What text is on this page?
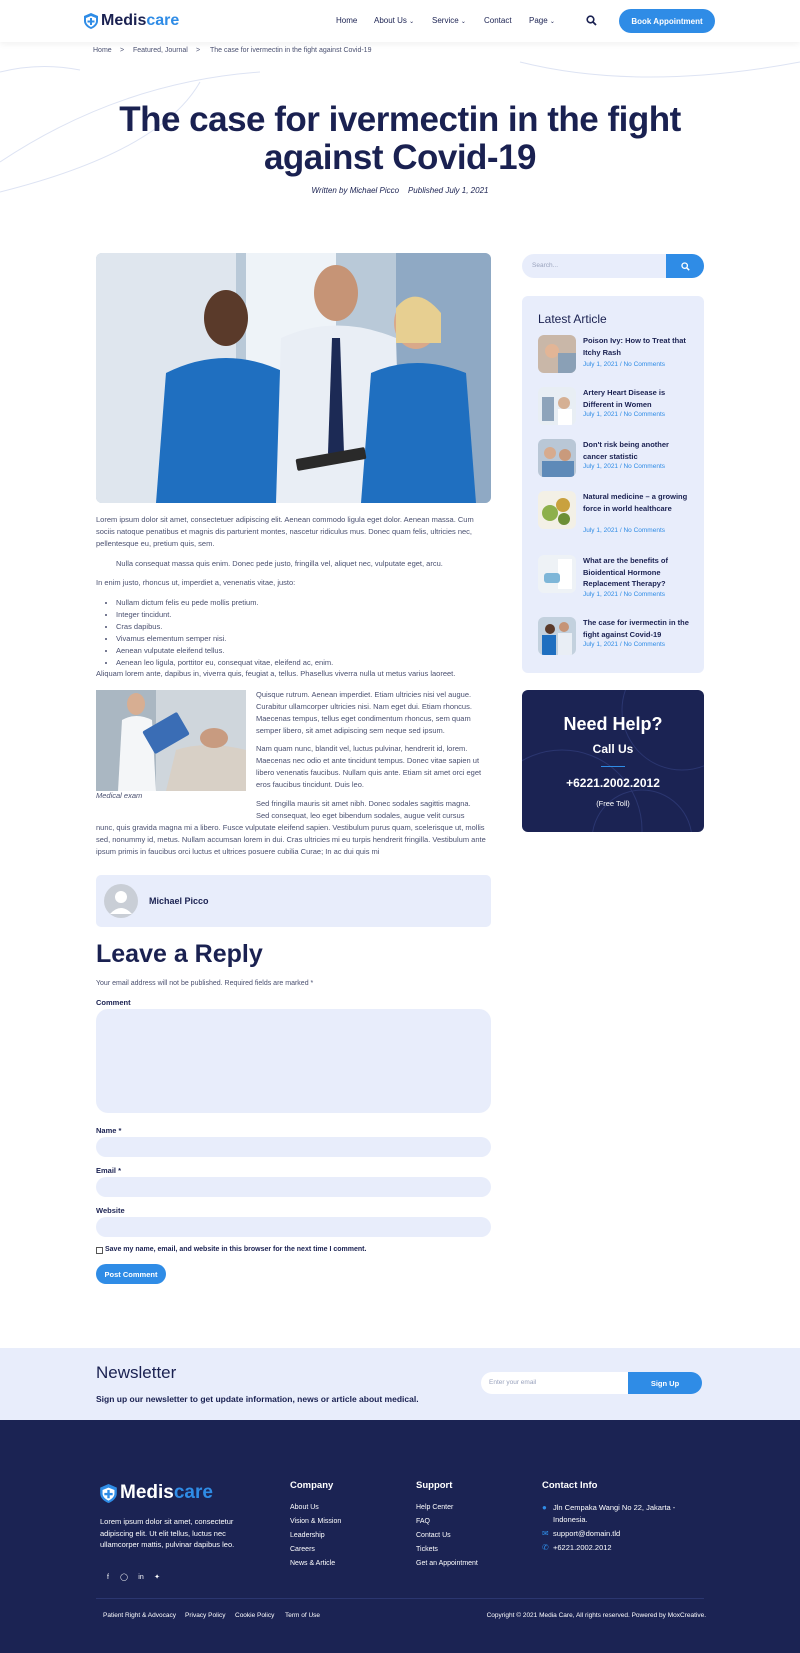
Medis care	Home About Us ⌄ Service ⌄ Contact Page ⌄	Book Appointment
Home > Featured, Journal > The case for ivermectin in the fight against Covid-19
The case for ivermectin in the fight against Covid-19
Written by Michael Picco    Published July 1, 2021

Lorem ipsum dolor sit amet, consectetuer adipiscing elit. Aenean commodo ligula eget dolor. Aenean massa. Cum sociis natoque penatibus et magnis dis parturient montes, nascetur ridiculus mus. Donec quam felis, ultricies nec, pellentesque eu, pretium quis, sem.

Nulla consequat massa quis enim. Donec pede justo, fringilla vel, aliquet nec, vulputate eget, arcu.

In enim justo, rhoncus ut, imperdiet a, venenatis vitae, justo:

• Nullam dictum felis eu pede mollis pretium.
• Integer tincidunt.
• Cras dapibus.
• Vivamus elementum semper nisi.
• Aenean vulputate eleifend tellus.
• Aenean leo ligula, porttitor eu, consequat vitae, eleifend ac, enim.

Aliquam lorem ante, dapibus in, viverra quis, feugiat a, tellus. Phasellus viverra nulla ut metus varius laoreet.

Medical exam

Quisque rutrum. Aenean imperdiet. Etiam ultricies nisi vel augue. Curabitur ullamcorper ultricies nisi. Nam eget dui. Etiam rhoncus. Maecenas tempus, tellus eget condimentum rhoncus, sem quam semper libero, sit amet adipiscing sem neque sed ipsum.

Nam quam nunc, blandit vel, luctus pulvinar, hendrerit id, lorem. Maecenas nec odio et ante tincidunt tempus. Donec vitae sapien ut libero venenatis faucibus. Nullam quis ante. Etiam sit amet orci eget eros faucibus tincidunt. Duis leo.

Sed fringilla mauris sit amet nibh. Donec sodales sagittis magna.

Sed consequat, leo eget bibendum sodales, augue velit cursus

nunc, quis gravida magna mi a libero. Fusce vulputate eleifend sapien. Vestibulum purus quam, scelerisque ut, mollis sed, nonummy id, metus. Nullam accumsan lorem in dui. Cras ultricies mi eu turpis hendrerit fringilla. Vestibulum ante ipsum primis in faucibus orci luctus et ultrices posuere cubilia Curae; In ac dui quis mi

Michael Picco
Leave a Reply

Your email address will not be published. Required fields are marked *

Comment
Name *
Email *
Website
Save my name, email, and website in this browser for the next time I comment.
Post Comment
Search...
Latest Article
Poison Ivy: How to Treat that Itchy Rash
July 1, 2021 / No Comments
Artery Heart Disease is Different in Women
July 1, 2021 / No Comments
Don't risk being another cancer statistic
July 1, 2021 / No Comments
Natural medicine – a growing force in world healthcare
July 1, 2021 / No Comments
What are the benefits of Bioidentical Hormone Replacement Therapy?
July 1, 2021 / No Comments
The case for ivermectin in the fight against Covid-19
July 1, 2021 / No Comments
Need Help?
Call Us
+6221.2002.2012
(Free Toll)
Newsletter
Sign up our newsletter to get update information, news or article about medical.
Enter your email	Sign Up
Medis care
Lorem ipsum dolor sit amet, consectetur adipiscing elit. Ut elit tellus, luctus nec ullamcorper mattis, pulvinar dapibus leo.
Company
About Us
Vision & Mission
Leadership
Careers
News & Article
Support
Help Center
FAQ
Contact Us
Tickets
Get an Appointment
Contact Info
● Jln Cempaka Wangi No 22, Jakarta - Indonesia.
✉ support@domain.tld
✆ +6221.2002.2012
f	◯	in	✦
Patient Right & Advocacy Privacy Policy Cookie Policy Term of Use	Copyright © 2021 Media Care, All rights reserved. Powered by MoxCreative.
